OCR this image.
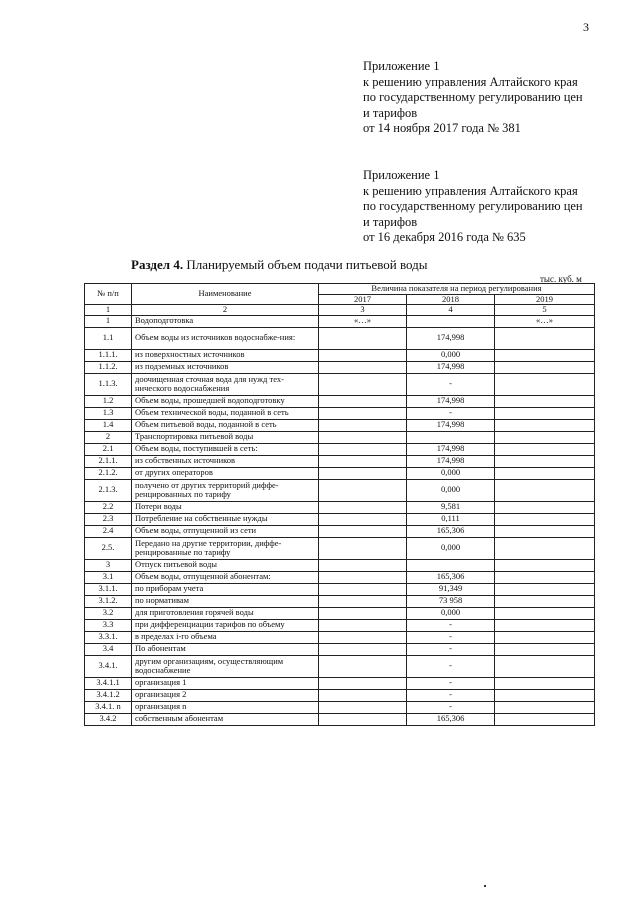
3
Приложение 1
к решению управления Алтайского края
по государственному регулированию цен
и тарифов
от 14 ноября 2017 года № 381
Приложение 1
к решению управления Алтайского края
по государственному регулированию цен
и тарифов
от 16 декабря 2016 года № 635
Раздел 4. Планируемый объем подачи питьевой воды
тыс. куб. м
№ п/п	Наименование	Величина показателя на период регулирования		
		2017	2018	2019
1	2	3	4	5
1	Водоподготовка	«…»		«…»
1.1	Объем воды из источников водоснабже-ния:		174,998	
1.1.1.	из поверхностных источников		0,000	
1.1.2.	из подземных источников		174,998	
1.1.3.	доочищенная сточная вода для нужд тех-нического водоснабжения		-	
1.2	Объем воды, прошедшей водоподготовку		174,998	
1.3	Объем технической воды, поданной в сеть		-	
1.4	Объем питьевой воды, поданной в сеть		174,998	
2	Транспортировка питьевой воды			
2.1	Объем воды, поступившей в сеть:		174,998	
2.1.1.	из собственных источников		174,998	
2.1.2.	от других операторов		0,000	
2.1.3.	получено от других территорий диффе-ренцированных по тарифу		0,000	
2.2	Потери воды		9,581	
2.3	Потребление на собственные нужды		0,111	
2.4	Объем воды, отпущенной из сети		165,306	
2.5.	Передано на другие территории, диффе-ренцированные по тарифу		0,000	
3	Отпуск питьевой воды			
3.1	Объем воды, отпущенной абонентам:		165,306	
3.1.1.	по приборам учета		91,349	
3.1.2.	по нормативам		73 958	
3.2	для приготовления горячей воды		0,000	
3.3	при дифференциации тарифов по объему		-	
3.3.1.	в пределах i-го объема		-	
3.4	По абонентам		-	
3.4.1.	другим организациям, осуществляющим водоснабжение		-	
3.4.1.1	организация 1		-	
3.4.1.2	организация 2		-	
3.4.1. n	организация n		-	
3.4.2	собственным абонентам		165,306	
